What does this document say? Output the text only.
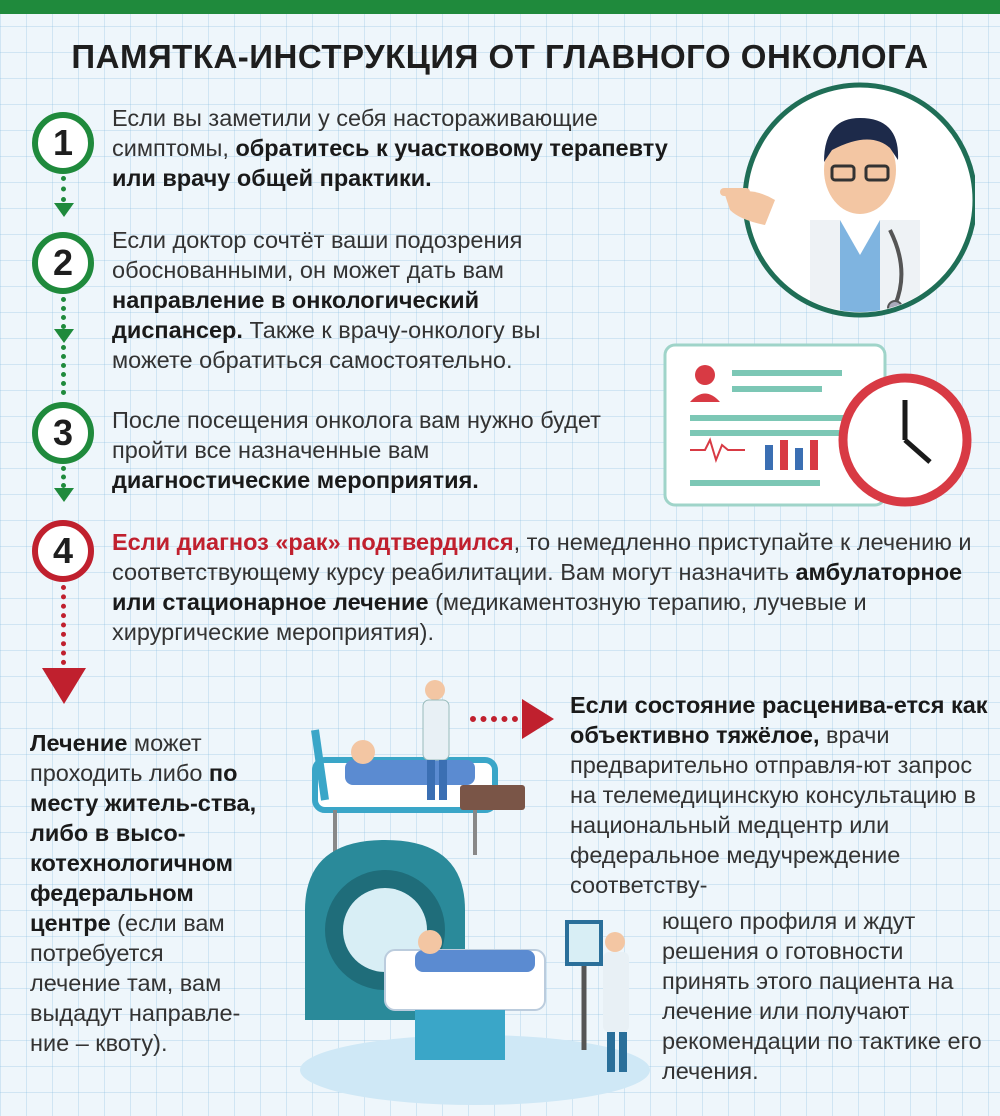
ПАМЯТКА-ИНСТРУКЦИЯ ОТ ГЛАВНОГО ОНКОЛОГА
1
Если вы заметили у себя настораживающие симптомы, обратитесь к участковому терапевту или врачу общей практики.
2
Если доктор сочтёт ваши подозрения обоснованными, он может дать вам направление в онкологический диспансер. Также к врачу-онкологу вы можете обратиться самостоятельно.
3	После посещения онколога вам нужно будет пройти все назначенные вам диагностические мероприятия.
4	Если диагноз «рак» подтвердился, то немедленно приступайте к лечению и соответствующему курсу реабилитации. Вам могут назначить амбулаторное или стационарное лечение (медикаментозную терапию, лучевые и хирургические мероприятия).
Лечение может проходить либо по месту житель-ства, либо в высо-котехнологичном федеральном центре (если вам потребуется лечение там, вам выдадут направле-ние – квоту).
Если состояние расценива-ется как объективно тяжёлое, врачи предварительно отправля-ют запрос на телемедицинскую консультацию в национальный медцентр или федеральное медучреждение соответству-
ющего профиля и ждут решения о готовности принять этого пациента на лечение или получают рекомендации по тактике его лечения.
